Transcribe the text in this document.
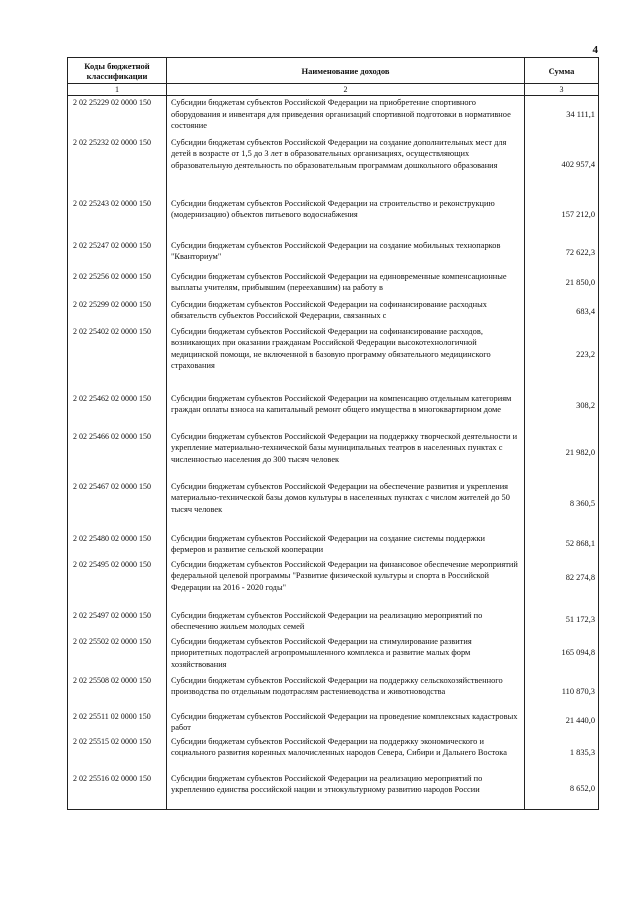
4
Коды бюджетной классификации	Наименование доходов	Сумма
1	2	3
2 02 25229 02 0000 150	Субсидии бюджетам субъектов Российской Федерации на приобретение спортивного оборудования и инвентаря для приведения организаций спортивной подготовки в нормативное состояние	34 111,1
2 02 25232 02 0000 150	Субсидии бюджетам субъектов Российской Федерации на создание дополнительных мест для детей в возрасте от 1,5 до 3 лет в образовательных организациях, осуществляющих образовательную деятельность по образовательным программам дошкольного образования	402 957,4
2 02 25243 02 0000 150	Субсидии бюджетам субъектов Российской Федерации на строительство и реконструкцию (модернизацию) объектов питьевого водоснабжения	157 212,0
2 02 25247 02 0000 150	Субсидии бюджетам субъектов Российской Федерации на создание мобильных технопарков "Кванториум"	72 622,3
2 02 25256 02 0000 150	Субсидии бюджетам субъектов Российской Федерации на единовременные компенсационные выплаты учителям, прибывшим (переехавшим) на работу в	21 850,0
2 02 25299 02 0000 150	Субсидии бюджетам субъектов Российской Федерации на софинансирование расходных обязательств субъектов Российской Федерации, связанных с	683,4
2 02 25402 02 0000 150	Субсидии бюджетам субъектов Российской Федерации на софинансирование расходов, возникающих при оказании гражданам Российской Федерации высокотехнологичной медицинской помощи, не включенной в базовую программу обязательного медицинского страхования	223,2
2 02 25462 02 0000 150	Субсидии бюджетам субъектов Российской Федерации на компенсацию отдельным категориям граждан оплаты взноса на капитальный ремонт общего имущества в многоквартирном доме	308,2
2 02 25466 02 0000 150	Субсидии бюджетам субъектов Российской Федерации на поддержку творческой деятельности и укрепление материально-технической базы муниципальных театров в населенных пунктах с численностью населения до 300 тысяч человек	21 982,0
2 02 25467 02 0000 150	Субсидии бюджетам субъектов Российской Федерации на обеспечение развития и укрепления материально-технической базы домов культуры в населенных пунктах с числом жителей до 50 тысяч человек	8 360,5
2 02 25480 02 0000 150	Субсидии бюджетам субъектов Российской Федерации на создание системы поддержки фермеров и развитие сельской кооперации	52 868,1
2 02 25495 02 0000 150	Субсидии бюджетам субъектов Российской Федерации на финансовое обеспечение мероприятий федеральной целевой программы "Развитие физической культуры и спорта в Российской Федерации на 2016 - 2020 годы"	82 274,8
2 02 25497 02 0000 150	Субсидии бюджетам субъектов Российской Федерации на реализацию мероприятий по обеспечению жильем молодых семей	51 172,3
2 02 25502 02 0000 150	Субсидии бюджетам субъектов Российской Федерации на стимулирование развития приоритетных подотраслей агропромышленного комплекса и развитие малых форм хозяйствования	165 094,8
2 02 25508 02 0000 150	Субсидии бюджетам субъектов Российской Федерации на поддержку сельскохозяйственного производства по отдельным подотраслям растениеводства и животноводства	110 870,3
2 02 25511 02 0000 150	Субсидии бюджетам субъектов Российской Федерации на проведение комплексных кадастровых работ	21 440,0
2 02 25515 02 0000 150	Субсидии бюджетам субъектов Российской Федерации на поддержку экономического и социального развития коренных малочисленных народов Севера, Сибири и Дальнего Востока	1 835,3
2 02 25516 02 0000 150	Субсидии бюджетам субъектов Российской Федерации на реализацию мероприятий по укреплению единства российской нации и этнокультурному развитию народов России	8 652,0
